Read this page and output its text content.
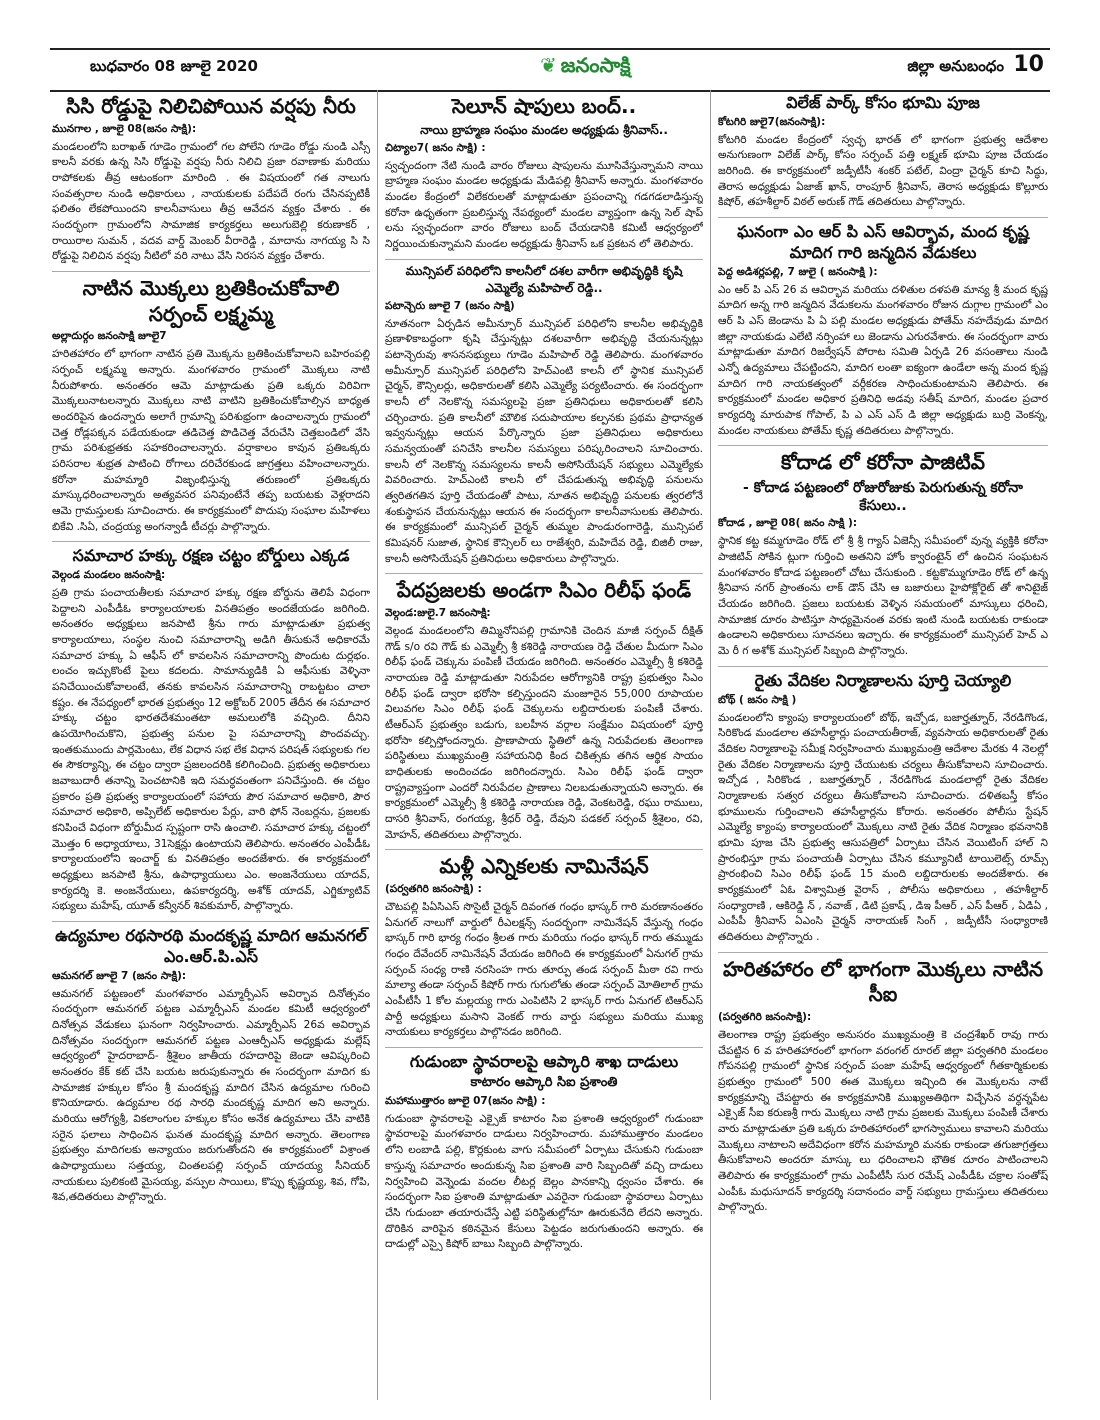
బుధవారం 08 జూలై 2020	❦ జనంసాక్షి	జిల్లా అనుబంధం 10
సిసి రోడ్డుపై నిలిచిపోయిన వర్షపు నీరు
మునగాల , జూలై 08(జనం సాక్షి):

మండలంలోని బరాఖత్ గూడెం గ్రామంలో గల పోలేని గూడెం రోడ్డు నుండి ఎస్సీ కాలనీ వరకు ఉన్న సిసి రోడ్డుపై వర్షపు నీరు నిలిచి ప్రజా రవాణాకు మరియు రాపోకలకు తీవ్ర ఆటంకంగా మారింది . ఈ విషయంలో గత నాలుగు సంవత్సరాల నుండి అధికారులు , నాయకులకు పదేపదే రంగు చేసినప్పటికీ ఫలితం లేకపోయిందని కాలనీవాసులు తీవ్ర ఆవేదన వ్యక్తం చేశారు . ఈ సందర్భంగా గ్రామంలోని సామాజిక కార్యకర్తలు అలుగుబెల్లి కరుణాకర్ , రాయిరాల సుమన్ , వదవ వార్డ్ మెంబర్ వీరారెడ్డి , మాదాను నాగయ్య సి సి రోడ్డుపై నిలిచిన వర్షపు నీటిలో వరి నాటు వేసి నిరసన వ్యక్తం చేశారు.

నాటిన మొక్కలు బ్రతికించుకోవాలి సర్పంచ్ లక్ష్మమ్మ
అల్లాదుర్గం జనంసాక్షి జూలై7

హరితహారం లో భాగంగా నాటిన ప్రతి మొక్కను బ్రతికించుకోవాలని బహిరంపల్లి సర్పంచ్ లక్ష్మమ్మ అన్నారు. మంగళవారం గ్రామంలో మొక్కలు నాటి నీరుపోశారు. అనంతరం ఆమె మాట్లాడుతు ప్రతి ఒక్కరు విరివిగా మొక్కలునాటలన్నారు మొక్కలు నాటి వాటిని బ్రతికించుకోవాల్సిన బాధ్యత అందరిపైన ఉందన్నారు అలాగే గ్రామాన్ని పరిశుభ్రంగా ఉంచాలన్నారు గ్రామంలో చెత్త రోడ్లపక్కన పడేయకుండా తడిచెత్త పొడిచెత్త వేరుచేసి చెత్తబండిలో వేసి గ్రామ పరిశుభ్రతకు సహకరించాలన్నారు. వర్షాకాలం కావున ప్రతిఒక్కరు పరిసరాల శుభ్రత పాటించి రోగాలు దరిచేరకుండ జాగ్రత్తలు వహించాలన్నారు. కరోనా మహమ్మారి విజృంభిస్తున్న తరుణంలో ప్రతిఒక్కరు మాస్కుధరించాలన్నారు అత్యవసర పనివుంటేనే తప్ప బయటకు వెళ్లరాదని ఆమె గ్రామస్తులకు సూచించారు. ఈ కార్యక్రమంలో పొదుపు సంఘాల మహిళలు బికేవి .సిఏ, చంద్రయ్య అంగన్వాడీ టీచర్లు పాల్గొన్నారు.

సమాచార హక్కు రక్షణ చట్టం బోర్డులు ఎక్కడ
వెల్గండ మండలం జనంసాక్షి:

ప్రతి గ్రామ పంచాయతీలకు సమాచార హక్కు రక్షణ బోర్డును తెలిపే విధంగా పెద్దాలని ఎంపీడీఓ కార్యాలయాలకు వినతిపత్రం అందజేయడం జరిగింది. అనంతరం అధ్యక్షులు జనపాటి శ్రీను గారు మాట్లాడుతూ ప్రభుత్వ కార్యాలయాలు, సంస్థల నుంచి సమాచారాన్ని అడిగి తీసుకునే అధికారమే సమాచార హక్కు ఏ ఆఫీస్ లో కావలసిన సమాచారాన్ని పొందుట దుర్లభం. లంచం ఇచ్చుకొంటే పైలు కదలదు. సామాన్యుడికి ఏ ఆఫీసుకు వెళ్ళినా పనిచేయించుకోవాలంటే, తనకు కావలసిన సమాచారాన్ని రాబట్టటం చాలా కష్టం. ఈ నేపధ్యంలో భారత ప్రభుత్వం 12 అక్టోబర్ 2005 తేదీన ఈ సమాచార హక్కు చట్టం భారతదేశమంతటా అమలులోకి వచ్చింది. దీనిని ఉపయోగించుకొని, ప్రభుత్వ పనుల పై సమాచారాన్ని పొందవచ్చు. ఇంతకుముందు పార్లమెంటు, లేక విధాన సభ లేక విధాన పరిషత్ సభ్యులకు గల ఈ సౌకర్యాన్ని, ఈ చట్టం ద్వారా ప్రజలందరికి కలిగించింది. ప్రభుత్వ అధికారులు జవాబుదారీ తనాన్ని పెంచటానికి ఇది సమర్ధవంతంగా పనిచేస్తుంది. ఈ చట్టం ప్రకారం ప్రతి ప్రభుత్వ కార్యాలయంలో సహాయ పౌర సమాచార అధికారి, పౌర సమాచార అధికారి, అప్పిలేట్ అధికారుల పేర్లు, వారి ఫోన్ నెంబర్లను, ప్రజలకు కనిపించే విధంగా బోర్డుమీద స్పష్టంగా రాసి ఉంచాలి. సమాచార హక్కు చట్టంలో మొత్తం 6 అధ్యాయాలు, 31సెక్షన్లు ఉంటాయని తెలిపారు. అనంతరం ఎంపీడీఓ కార్యాలయంలోని ఇంచార్జ్ కు వినతిపత్రం అందజేశారు. ఈ కార్యక్రమంలో అధ్యక్షులు జనపాటి శ్రీను, ఉపాధ్యాయులు ఎం. అంజనేయులు యాదవ్, కార్యదర్శి కె. అంజనేయులు, ఉపకార్యదర్శి, అశోక్ యాదవ్, ఎగ్జిక్యూటివ్ సభ్యులు మహేష్, యూత్ కన్వీనర్ శివకుమార్, పాల్గొన్నారు.

ఉద్యమాల రథసారథి మందకృష్ణ మాదిగ ఆమనగల్ ఎం.ఆర్.పి.ఎస్
ఆమనగల్ జూలై 7 (జనం సాక్షి):

ఆమనగల్ పట్టణంలో మంగళవారం ఎమ్మార్పీఎస్ అవిర్భావ దినోత్సవం సందర్భంగా ఆమనగల్ పట్టణ ఎమ్మార్పీఎస్ మండల కమిటీ ఆధ్వర్యంలో దినోత్సవ వేడుకలు ఘనంగా నిర్వహించారు. ఎమ్మార్పీఎస్ 26వ అవిర్భావ దినోత్సవం సందర్భంగా ఆమనగల్ పట్టణ ఎంఆర్పీఎస్ అధ్యక్షుడు మల్లేష్ ఆధ్వర్యంలో హైదరాబాద్- శ్రీశైలం జాతీయ రహదారిపై జెండా ఆవిష్కరించి అనంతరం కేక్ కట్ చేసి బయట జరుపుకున్నారు ఈ సందర్భంగా మాదిగ కు సామాజిక హక్కుల కోసం శ్రీ మందకృష్ణ మాదిగ చేసిన ఉద్యమాల గురించి కొనియాడారు. ఉద్యమాల రథ సారధి మందకృష్ణ మాదిగ అని అన్నారు. మరియు ఆరోగ్యశ్రీ, వికలాంగుల హక్కుల కోసం అనేక ఉద్యమాలు చేసి వాటికి సరైన ఫలాలు సాధించిన ఘనత మందకృష్ణ మాదిగ అన్నారు. తెలంగాణ ప్రభుత్వం మాదిగలకు అన్యాయం జరుగుతోందని ఈ కార్యక్రమంలో విశ్రాంత ఉపాధ్యాయులు సత్తయ్య, చింతలపల్లి సర్పంచ్ యాదయ్య సీనియర్ నాయకులు పులికంటి మైసయ్య, వస్పుల సాయిలు, కొప్పు కృష్ణయ్య, శివ, గోపి, శివ,తదితరులు పాల్గొన్నారు.

సెలూన్ షాపులు బంద్..
నాయి బ్రాహ్మణ సంఘం మండల అధ్యక్షుడు శ్రీనివాస్..
చిట్యాల7( జనం సాక్షి) :

స్వచ్ఛందంగా నేటి నుండి వారం రోజులు షాపులను మూసివేస్తున్నామని నాయి బ్రాహ్మణ సంఘం మండల అధ్యక్షుడు మేడిపల్లి శ్రీనివాస్ అన్నారు. మంగళవారం మండల కేంద్రంలో విలేకరులతో మాట్లాడుతూ ప్రపంచాన్ని గడగడలాడిస్తున్న కరోనా ఉధృతంగా ప్రబలిస్తున్న నేపథ్యంలో మండల వ్యాప్తంగా ఉన్న సెల్ షాప్ లను స్వచ్ఛందంగా వారం రోజులు బంద్ చేయడానికి కమిటీ ఆధ్వర్యంలో నిర్ణయించుకున్నామని మండల అధ్యక్షుడు శ్రీనివాస్ ఒక ప్రకటన లో తెలిపారు.

మున్సిపల్ పరిధిలోని కాలనీలో దశల వారీగా అభివృద్ధికి కృషి ఎమ్మెల్యే మహిపాల్ రెడ్డి..
పటాన్చెరు జూలై 7 (జనం సాక్షి)

నూతనంగా ఏర్పడిన అమీన్పూర్ మున్సిపల్ పరిధిలోని కాలనీల అభివృద్ధికి ప్రణాళికాబద్ధంగా కృషి చేస్తున్నట్లు దశలవారీగా అభివృద్ధి చేయనున్నట్లు పటాన్చెరువు శాసనసభ్యులు గూడెం మహిపాల్ రెడ్డి తెలిపారు. మంగళవారం అమీన్పూర్ మున్సిపల్ పరిధిలోని హెచ్ఎంటి కాలనీ లో స్థానిక మున్సిపల్ చైర్మన్, కౌన్సిలర్లు, అధికారులతో కలిసి ఎమ్మెల్యే పర్యటించారు. ఈ సందర్భంగా కాలనీ లో నెలకొన్న సమస్యలపై ప్రజా ప్రతినిధులు అధికారులతో కలిసి చర్చించారు. ప్రతి కాలనీలో మౌలిక సదుపాయాల కల్పనకు ప్రథమ ప్రాధాన్యత ఇవ్వనున్నట్లు ఆయన పేర్కొన్నారు ప్రజా ప్రతినిధులు అధికారులు సమన్వయంతో పనిచేసి కాలనీల సమస్యలు పరిష్కరించాలని సూచించారు. కాలనీ లో నెలకొన్న సమస్యలను కాలనీ అసోసియేషన్ సభ్యులు ఎమ్మెల్యేకు వివరించారు. హెచ్ఎంటి కాలనీ లో చేపడుతున్న అభివృద్ధి పనులను త్వరితగతిన పూర్తి చేయడంతో పాటు, నూతన అభివృద్ధి పనులకు త్వరలోనే శంకుస్థాపన చేయనున్నట్లు ఆయన ఈ సందర్భంగా కాలనీవాసులకు తెలిపారు. ఈ కార్యక్రమంలో మున్సిపల్ చైర్మన్ తుమ్మల పాండురంగారెడ్డి, మున్సిపల్ కమిషనర్ సుజాత, స్థానిక కౌన్సిలర్ లు రాజేశ్వరి, మహిదేవ రెడ్డి, బిజిలీ రాజు, కాలనీ అసోసియేషన్ ప్రతినిధులు అధికారులు పాల్గొన్నారు.

పేదప్రజలకు అండగా సిఎం రిలీఫ్ ఫండ్
వెల్గండ:జులై.7 జనంసాక్షి:

వెల్గండ మండలంలోని తిమ్మినోనిపల్లి గ్రామానికి చెందిన మాజీ సర్పంచ్ దీక్షిత్ గౌడ్ s/o రవి గౌడ్ కు ఎమ్మెల్సీ శ్రీ కశిరెడ్డి నారాయణ రెడ్డి చేతుల మీదుగా సిఎం రిలీఫ్ ఫండ్ చెక్కును పంపిణీ చేయడం జరిగింది. అనంతరం ఎమ్మెల్సీ శ్రీ కశిరెడ్డి నారాయణ రెడ్డి మాట్లాడుతూ నిరుపేదల ఆరోగ్యానికి రాష్ట్ర ప్రభుత్వం సిఎం రిలీఫ్ ఫండ్ ద్వారా భరోసా కల్పిస్తుందని మంజూరైన 55,000 రూపాయల విలువగల సిఎం రిలీఫ్ ఫండ్ చెక్కులను లబ్దిదారులకు పంపిణీ చేశారు. టీఆర్ఎస్ ప్రభుత్వం బడుగు, బలహీన వర్గాల సంక్షేమం విషయంలో పూర్తి భరోసా కల్పిస్తోందన్నారు. ప్రాణాపాయ స్థితిలో ఉన్న నిరుపేదలకు తెలంగాణ పరిస్థితులు ముఖ్యమంత్రి సహాయనిధి కింద చికిత్సకు తగిన ఆర్థిక సాయం బాధితులకు అందించడం జరిగిందన్నారు. సిఎం రిలీఫ్ ఫండ్ ద్వారా రాష్ట్రవ్యాప్తంగా ఎందరో నిరుపేదల ప్రాణాలు నిలబడుతున్నాయని అన్నారు. ఈ కార్యక్రమంలో ఎమ్మెల్సీ శ్రీ కశిరెడ్డి నారాయణ రెడ్డి, వెంకటరెడ్డి, రఘు రాములు, దాసరి శ్రీనివాస్, రంగయ్య, శ్రీధర్ రెడ్డి, దేవుని పడకల్ సర్పంచ్ శ్రీశైలం, రవి, మోహన్, తదితరులు పాల్గొన్నారు.

మళ్లీ ఎన్నికలకు నామినేషన్
(పర్వతగిరి జనంసాక్షి) :

చౌటపల్లి పిఏసిఎస్ సొసైటీ చైర్మన్ దివంగత గంధం భాస్కర్ గారి మరణానంతరం ఏనుగల్ నాలుగో వార్డులో రీఎలక్షన్స్ సందర్భంగా నామినేషన్ వేస్తున్న గంధం భాస్కర్ గారి భార్య గంధం శ్రీలత గారు మరియు గంధం భాస్కర్ గారు తమ్ముడు గంధం దేవేందర్ నామినేషన్ వేయడం జరిగింది ఈ కార్యక్రమంలో ఏనుగల్ గ్రామ సర్పంచ్ సంధ్య రాణి నరసింహ గారు తూర్పు తండ సర్పంచ్ మీఠా రవి గారు మాల్యా తండా సర్పంచ్ కిషోర్ గారు గుగులోతు తండా సర్పంచ్ మోతిలాల్ గ్రామ ఎంపీటీసీ 1 కోల మల్లయ్య గారు ఎంపిటిసి 2 భాస్కర్ గారు ఏనుగల్ టిఆర్ఎస్ పార్టీ అధ్యక్షులు మసాని వెంకట్ గారు వార్డు సభ్యులు మరియు ముఖ్య నాయకులు కార్యకర్తలు పాల్గొనడం జరిగింది.

గుడుంబా స్థావరాలపై ఆప్కారి శాఖ దాడులు
కాటారం ఆప్కారి సిఐ ప్రశాంతి
మహాముత్తారం జూలై 07(జనం సాక్షి) :

గుడుంబా స్థావరాలపై ఎక్సైజ్ కాటారం సిఐ ప్రశాంతి ఆధ్వర్యంలో గుడుంబా స్థావరాలపై మంగళవారం దాడులు నిర్వహించారు. మహాముత్తారం మండలం లోని లంబాడి పల్లి, కొర్లకుంట వాగు సమీపంలో ఏర్పాటు చేసుకుని గుడుంబా కాస్తున్న సమాచారం అందుకున్న సిఐ ప్రశాంతి వారి సిబ్బందితో వచ్చి దాడులు నిర్వహించి వెన్నెండు వందల లీటర్ల బెల్లం పానకాన్ని ధ్వంసం చేశారు. ఈ సందర్భంగా సిఐ ప్రశాంతి మాట్లాడుతూ ఎవరైనా గుడుంబా స్థావరాలు ఏర్పాటు చేసి గుడుంబా తయారుచేస్తే ఎట్టి పరిస్థితుల్లోనూ ఊరుకునేది లేదని అన్నారు. దొరికిన వారిపైన కఠినమైన కేసులు పెట్టడం జరుగుతుందని అన్నారు. ఈ దాడుల్లో ఎస్సై కిషోర్ బాబు సిబ్బంది పాల్గొన్నారు.

విలేజ్ పార్క్ కోసం భూమి పూజ
కోటగిరి జులై7(జనంసాక్షి):

కోటగిరి మండల కేంద్రంలో స్వచ్ఛ భారత్ లో భాగంగా ప్రభుత్వ ఆదేశాల అనుగుణంగా విలేజ్ పార్క్ కోసం సర్పంచ్ పత్తి లక్ష్మణ్ భూమి పూజ చేయడం జరిగింది. ఈ కార్యక్రమంలో జడ్పీటీసీ శంకర్ పటేల్, వింద్రా చైర్మన్ కూచి సిద్ధు, తెరాస అధ్యక్షుడు ఏజాజ్ ఖాన్, రాంపూర్ శ్రీనివాస్, తెరాస అధ్యక్షుడు కొల్లూరు కిషోర్, తహశీల్దార్ విఠల్ అరుణ్ గౌడ్ తదితరులు పాల్గొన్నారు.

ఘనంగా ఎం ఆర్ పి ఎస్ ఆవిర్భావ, మంద కృష్ణ మాదిగ గారి జన్మదిన వేడుకలు
పెద్ద అడిశర్లపల్లి, 7 జులై ( జనంసాక్షి ):

ఎం ఆర్ పి ఎస్ 26 వ ఆవిర్భావ మరియు దళితుల దళపతి మాన్య శ్రీ మంద కృష్ణ మాదిగ అన్న గారి జన్మదిన వేడుకలను మంగళవారం రోజున దుగ్గాల గ్రామంలో ఎం ఆర్ పి ఎస్ జెండాను పి ఏ పల్లి మండల అధ్యక్షుడు పోతేమ్ నహదేవుడు మాదిగ జిల్లా నాయకుడు ఎలేటి నర్సింహా లు జెండాను ఎగురవేశారు. ఈ సందర్భంగా వారు మాట్లాడుతూ మాదిగ రిజర్వేషన్ పోరాట సమితి ఏర్పడి 26 వసంతాలు నుండి ఎన్నో ఉద్యమాలు చేపట్టిందని, మాదిగ లంతా ఐక్యంగా ఉండేలా అన్న మంద కృష్ణ మాదిగ గారి నాయకత్వంలో వర్గీకరణ సాధించుకుంటామని తెలిపారు. ఈ కార్యక్రమంలో మండల అధికార ప్రతినిధి అడవు సతీష్ మాదిగ, మండల ప్రచార కార్యదర్శి మారుపాక గోపాల్, పి ఎ ఎస్ ఎస్ డి జిల్లా అధ్యక్షుడు బుర్రి వెంకన్న, మండల నాయకులు పోతేమ్ కృష్ణ తదితరులు పాల్గొన్నారు.

కోదాడ లో కరోనా పాజిటివ్
- కోదాడ పట్టణంలో రోజురోజుకు పెరుగుతున్న కరోనా కేసులు..
కోదాడ , జూలై 08( జనం సాక్షి ):

స్థానిక కట్ట కమ్మగూడెం రోడ్ లో శ్రీ శ్రీ గ్యాస్ ఏజెన్సీ సమీపంలో వున్న వ్యక్తికి కరోనా పాజిటివ్ సోకిన ట్లుగా గుర్తించి అతనిని హోం క్వారంటైన్ లో ఉంచిన సంఘటన మంగళవారం కోదాడ పట్టణంలో చోటు చేసుకుంది . కట్టకొమ్ముగూడెం రోడ్ లో ఉన్న శ్రీనివాస నగర్ ప్రాంతంను లాక్ డౌన్ చేసి ఆ బజారులు హైపోక్లోరైట్ తో శానిటైజ్ చేయడం జరిగింది. ప్రజలు బయటకు వెళ్ళిన సమయంలో మాస్కులు ధరించి, సామాజిక దూరం పాటిస్తూ సాధ్యమైనంత వరకు ఇంటి నుండి బయటకు రాకుండా ఉండాలని అధికారులు సూచనలు ఇచ్చారు. ఈ కార్యక్రమంలో మున్సిపల్ హెచ్ ఎ మె రీ గ అశోక్ మున్సిపల్ సిబ్బంది పాల్గొన్నారు.

రైతు వేదికల నిర్మాణాలను పూర్తి చెయ్యాలి
బోథ్ ( జనం సాక్షి )

మండలంలోని క్యాంపు కార్యాలయంలో బోథ్, ఇచ్చోడ, బజార్హత్నూర్, నేరడిగొండ, సిరికొండ మండలాల తహసీల్దార్లు పంచాయతీరాజ్, వ్యవసాయ అధికారులతో రైతు వేదికల నిర్మాణాలపై సమీక్ష నిర్వహించారు ముఖ్యమంత్రి ఆదేశాల మేరకు 4 నెలల్లో రైతు వేదికల నిర్మాణాలను పూర్తి చేయుటకు చర్యలు తీసుకోవాలని సూచించారు. ఇచ్చోడ , సిరికొండ , బజార్హత్నూర్ , నేరడిగొండ మండలాల్లో రైతు వేదికల నిర్మాణాలకు సత్వర చర్యలు తీసుకోవాలని సూచించారు. దళితబస్తీ కోసం భూములను గుర్తించాలని తహసీల్దార్లను కోరారు. అనంతరం పోలీసు స్టేషన్ ఎమ్మెల్యే క్యాంపు కార్యాలయంలో మొక్కలు నాటి రైతు వేదిక నిర్మాణం భవనానికి భూమి పూజ చేసి ప్రభుత్వ ఆసుపత్రిలో ఏర్పాటు చేసిన వెయిటింగ్ హాల్ ని ప్రారంభిస్తూ గ్రామ పంచాయతీ ఏర్పాటు చేసిన కమ్యూనిటీ టాయిలెట్స్ రూమ్స్ ప్రారంభించి సిఎం రిలీఫ్ ఫండ్ 15 మంది లబ్దిదారులకు అందజేశారు. ఈ కార్యక్రమంలో ఏఓ విశ్వామిత్ర వైరాస్ , పోలీసు అధికారులు , తహశీల్దార్ సంధ్యారాణి , ఆకిరెడ్డి న్ , నవాజ్ , డిటి ప్రకాష్ , డిఇ పీఆర్ , ఎస్ పీఆర్ , ఏడిఏ , ఎంపీపీ శ్రీనివాస్ ఏఎంసి చైర్మన్ నారాయణ్ సింగ్ , జడ్పీటీసీ సంధ్యారాణి తదితరులు పాల్గొన్నారు .

హరితహారం లో భాగంగా మొక్కలు నాటిన సీఐ
(పర్వతగిరి జనంసాక్షి):

తెలంగాణ రాష్ట్ర ప్రభుత్వం అనుసరం ముఖ్యమంత్రి కె చంద్రశేఖర్ రావు గారు చేపట్టిన 6 వ హరితహారంలో భాగంగా వరంగల్ రూరల్ జిల్లా పర్వతగిరి మండలం గోపనపల్లి గ్రామంలో స్థానిక సర్పంచ్ పంజా మహేష్ ఆధ్వర్యంలో గీతకార్మికులకు ప్రభుత్వం గ్రామంలో 500 ఈత మొక్కలు ఇచ్చింది ఈ మొక్కలను నాటే కార్యక్రమాన్ని చేపట్టారు ఈ కార్యక్రమానికి ముఖ్యఅతిథిగా విచ్చేసిన వర్ధన్నపేట ఎక్సైజ్ సీఐ కరుణశ్రీ గారు మొక్కలు నాటి గ్రామ ప్రజలకు మొక్కలు పంపిణీ చేశారు వారు మాట్లాడుతూ ప్రతి ఒక్కరు హరితహారంలో భాగస్వాములు కావాలని మరియు మొక్కలు నాటాలని అదేవిధంగా కరోన మహమ్మారి మనకు రాకుండా తగుజాగ్రత్తలు తీసుకోవాలని అందరూ మాస్కు లు ధరించాలని భౌతిక దూరం పాటించాలని తెలిపారు ఈ కార్యక్రమంలో గ్రామ ఎంపీటీసీ సుర రమేష్ ఎంపీడీఓ చక్రాల సంతోష్ ఎంపీఓ మధుసూదన్ కార్యదర్శి సదానందం వార్డ్ సభ్యులు గ్రామస్తులు తదితరులు పాల్గొన్నారు.
